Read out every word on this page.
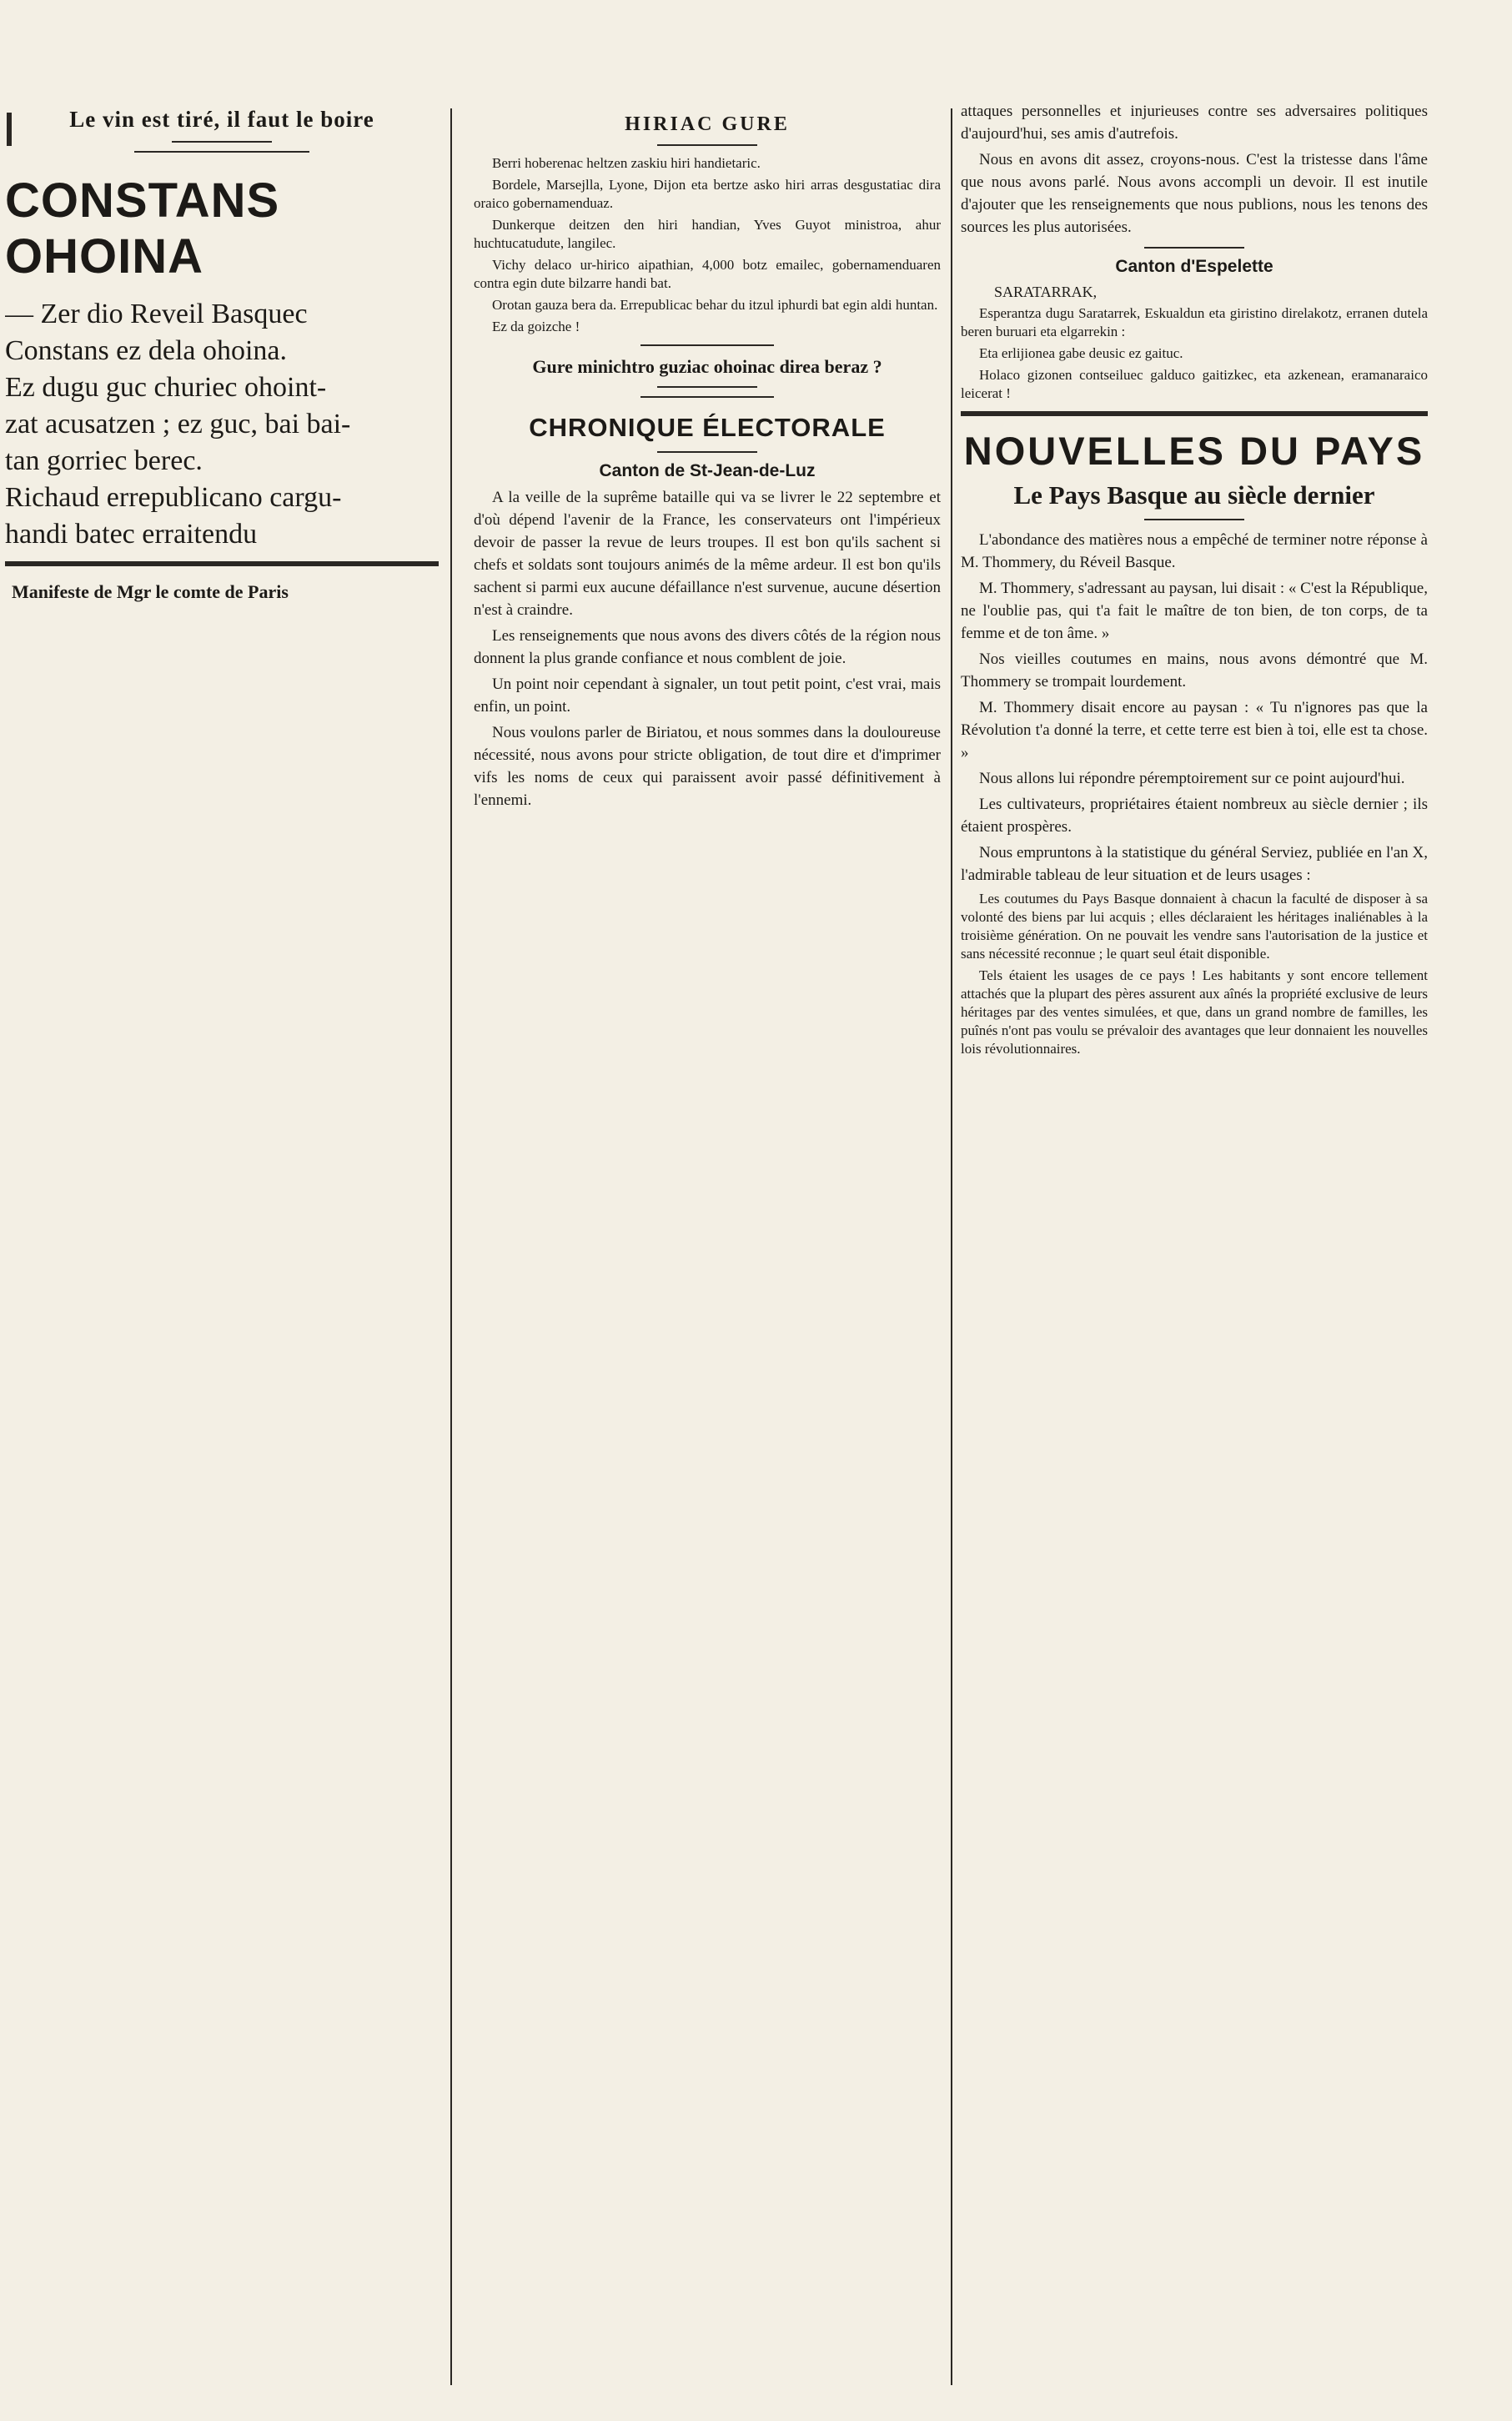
Le vin est tiré, il faut le boire
CONSTANS OHOINA
— Zer dio Reveil Basquec
Constans ez dela ohoina.
Ez dugu guc churiec ohoint-
zat acusatzen ; ez guc, bai bai-
tan gorriec berec.
Richaud errepublicano cargu-
handi batec erraitendu
Manifeste de Mgr le comte de Paris
HIRIAC GURE
Berri hoberenac heltzen zaskiu hiri handietaric.
Bordele, Marsejlla, Lyone, Dijon eta bertze asko hiri arras desgustatiac dira oraico gobernamenduaz.
Dunkerque deitzen den hiri handian, Yves Guyot ministroa, ahur huchtucatudute, langilec.
Vichy delaco ur-hirico aipathian, 4,000 botz emailec, gobernamenduaren contra egin dute bilzarre handi bat.
Orotan gauza bera da. Errepublicac behar du itzul iphurdi bat egin aldi huntan.
Ez da goizche !
Gure minichtro guziac ohoinac direa beraz ?
CHRONIQUE ÉLECTORALE
Canton de St-Jean-de-Luz
A la veille de la suprême bataille qui va se livrer le 22 septembre et d'où dépend l'avenir de la France, les conservateurs ont l'impérieux devoir de passer la revue de leurs troupes. Il est bon qu'ils sachent si chefs et soldats sont toujours animés de la même ardeur. Il est bon qu'ils sachent si parmi eux aucune défaillance n'est survenue, aucune désertion n'est à craindre.
Les renseignements que nous avons des divers côtés de la région nous donnent la plus grande confiance et nous comblent de joie.
Un point noir cependant à signaler, un tout petit point, c'est vrai, mais enfin, un point.
Nous voulons parler de Biriatou, et nous sommes dans la douloureuse nécessité, nous avons pour stricte obligation, de tout dire et d'imprimer vifs les noms de ceux qui paraissent avoir passé définitivement à l'ennemi.
attaques personnelles et injurieuses contre ses adversaires politiques d'aujourd'hui, ses amis d'autrefois.
Nous en avons dit assez, croyons-nous. C'est la tristesse dans l'âme que nous avons parlé. Nous avons accompli un devoir. Il est inutile d'ajouter que les renseignements que nous publions, nous les tenons des sources les plus autorisées.
Canton d'Espelette
SARATARRAK,
Esperantza dugu Saratarrek, Eskualdun eta giristino direlakotz, erranen dutela beren buruari eta elgarrekin :
Eta erlijionea gabe deusic ez gaituc.
Holaco gizonen contseiluec galduco gaitizkec, eta azkenean, eramanaraico leicerat !
NOUVELLES DU PAYS
Le Pays Basque au siècle dernier
L'abondance des matières nous a empêché de terminer notre réponse à M. Thommery, du Réveil Basque.
M. Thommery, s'adressant au paysan, lui disait : « C'est la République, ne l'oublie pas, qui t'a fait le maître de ton bien, de ton corps, de ta femme et de ton âme. »
Nos vieilles coutumes en mains, nous avons démontré que M. Thommery se trompait lourdement.
M. Thommery disait encore au paysan : « Tu n'ignores pas que la Révolution t'a donné la terre, et cette terre est bien à toi, elle est ta chose. »
Nous allons lui répondre péremptoirement sur ce point aujourd'hui.
Les cultivateurs, propriétaires étaient nombreux au siècle dernier ; ils étaient prospères.
Nous empruntons à la statistique du général Serviez, publiée en l'an X, l'admirable tableau de leur situation et de leurs usages :
Les coutumes du Pays Basque donnaient à chacun la faculté de disposer à sa volonté des biens par lui acquis ; elles déclaraient les héritages inaliénables à la troisième génération. On ne pouvait les vendre sans l'autorisation de la justice et sans nécessité reconnue ; le quart seul était disponible.
Tels étaient les usages de ce pays ! Les habitants y sont encore tellement attachés que la plupart des pères assurent aux aînés la propriété exclusive de leurs héritages par des ventes simulées, et que, dans un grand nombre de familles, les puînés n'ont pas voulu se prévaloir des avantages que leur donnaient les nouvelles lois révolutionnaires.
